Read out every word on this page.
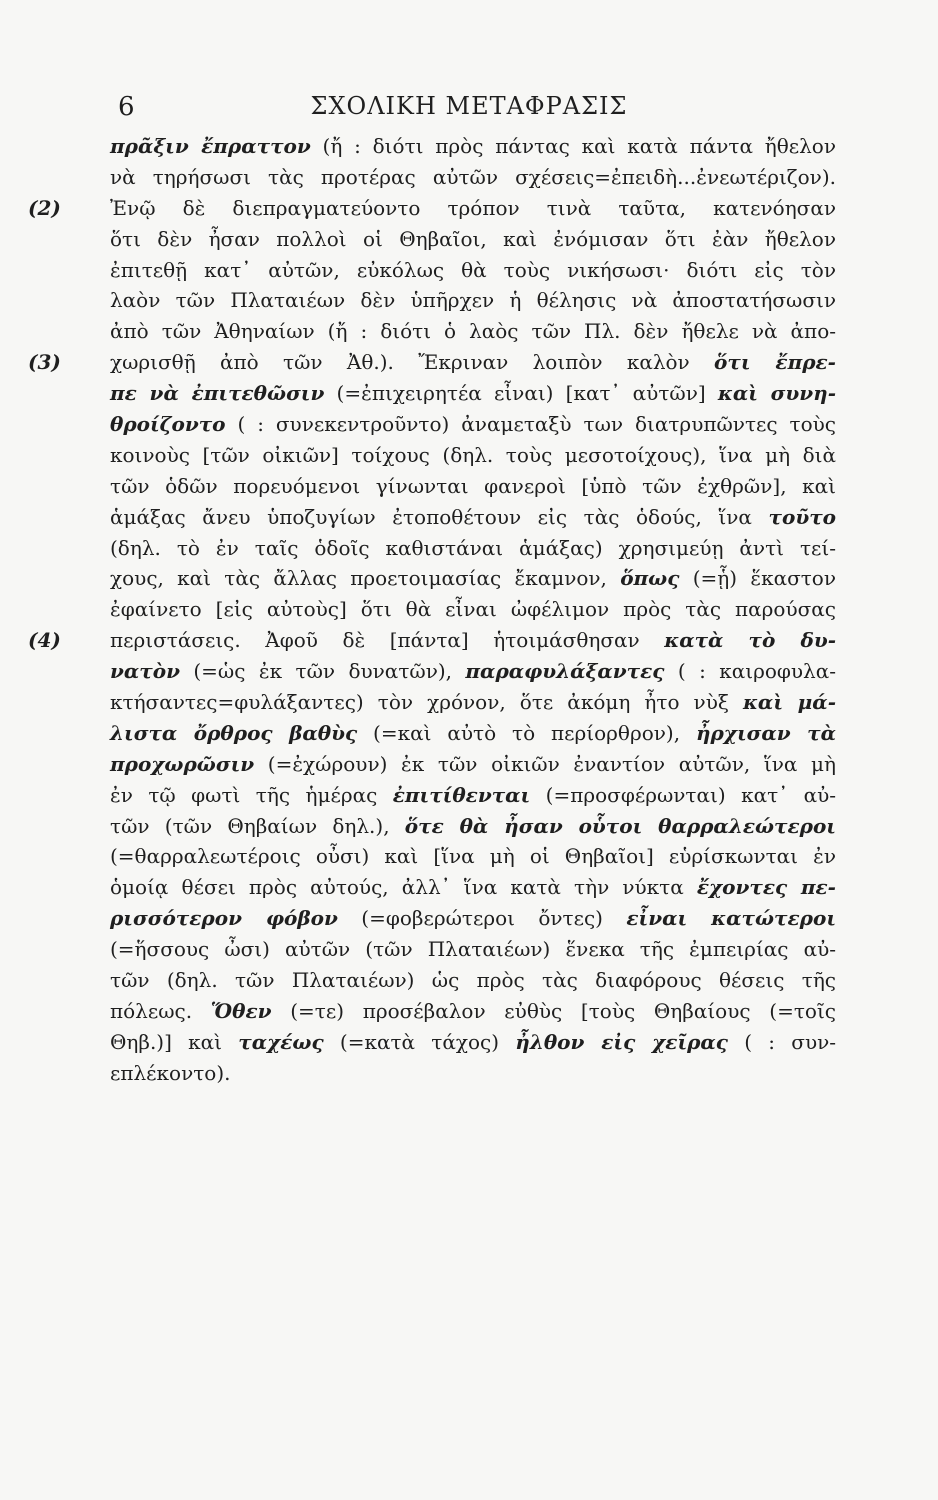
6	ΣΧΟΛΙΚΗ ΜΕΤΑΦΡΑΣΙΣ
πρᾶξιν ἔπραττον (ἤ : διότι πρὸς πάντας καὶ κατὰ πάντα ἤθελον
νὰ τηρήσωσι τὰς προτέρας αὐτῶν σχέσεις=ἐπειδὴ...ἐνεωτέριζον).
(2)	Ἐνῷ δὲ διεπραγματεύοντο τρόπον τινὰ ταῦτα, κατενόησαν
ὅτι δὲν ἦσαν πολλοὶ οἱ Θηβαῖοι, καὶ ἐνόμισαν ὅτι ἐὰν ἤθελον
ἐπιτεθῇ κατ᾽ αὐτῶν, εὐκόλως θὰ τοὺς νικήσωσι· διότι εἰς τὸν
λαὸν τῶν Πλαταιέων δὲν ὑπῆρχεν ἡ θέλησις νὰ ἀποστατήσωσιν
ἀπὸ τῶν Ἀθηναίων (ἤ : διότι ὁ λαὸς τῶν Πλ. δὲν ἤθελε νὰ ἀπο-
(3)	χωρισθῇ ἀπὸ τῶν Ἀθ.). Ἔκριναν λοιπὸν καλὸν ὅτι ἔπρε-
πε νὰ ἐπιτεθῶσιν (=ἐπιχειρητέα εἶναι) [κατ᾽ αὐτῶν] καὶ συνη-
θροίζοντο ( : συνεκεντροῦντο) ἀναμεταξὺ των διατρυπῶντες τοὺς
κοινοὺς [τῶν οἰκιῶν] τοίχους (δηλ. τοὺς μεσοτοίχους), ἵνα μὴ διὰ
τῶν ὁδῶν πορευόμενοι γίνωνται φανεροὶ [ὑπὸ τῶν ἐχθρῶν], καὶ
ἁμάξας ἄνευ ὑποζυγίων ἐτοποθέτουν εἰς τὰς ὁδούς, ἵνα τοῦτο
(δηλ. τὸ ἐν ταῖς ὁδοῖς καθιστάναι ἁμάξας) χρησιμεύῃ ἀντὶ τεί-
χους, καὶ τὰς ἄλλας προετοιμασίας ἔκαμνον, ὅπως (=ᾗ) ἕκαστον
ἐφαίνετο [εἰς αὐτοὺς] ὅτι θὰ εἶναι ὠφέλιμον πρὸς τὰς παρούσας
(4)	περιστάσεις. Ἀφοῦ δὲ [πάντα] ἡτοιμάσθησαν κατὰ τὸ δυ-
νατὸν (=ὡς ἐκ τῶν δυνατῶν), παραφυλάξαντες ( : καιροφυλα-
κτήσαντες=φυλάξαντες) τὸν χρόνον, ὅτε ἀκόμη ἦτο νὺξ καὶ μά-
λιστα ὄρθρος βαθὺς (=καὶ αὐτὸ τὸ περίορθρον), ἦρχισαν τὰ
προχωρῶσιν (=ἐχώρουν) ἐκ τῶν οἰκιῶν ἐναντίον αὐτῶν, ἵνα μὴ
ἐν τῷ φωτὶ τῆς ἡμέρας ἐπιτίθενται (=προσφέρωνται) κατ᾽ αὐ-
τῶν (τῶν Θηβαίων δηλ.), ὅτε θὰ ἦσαν οὗτοι θαρραλεώτεροι
(=θαρραλεωτέροις οὖσι) καὶ [ἵνα μὴ οἱ Θηβαῖοι] εὑρίσκωνται ἐν
ὁμοίᾳ θέσει πρὸς αὐτούς, ἀλλ᾽ ἵνα κατὰ τὴν νύκτα ἔχοντες πε-
ρισσότερον φόβον (=φοβερώτεροι ὄντες) εἶναι κατώτεροι
(=ἥσσους ὦσι) αὐτῶν (τῶν Πλαταιέων) ἕνεκα τῆς ἐμπειρίας αὐ-
τῶν (δηλ. τῶν Πλαταιέων) ὡς πρὸς τὰς διαφόρους θέσεις τῆς
πόλεως. Ὅθεν (=τε) προσέβαλον εὐθὺς [τοὺς Θηβαίους (=τοῖς
Θηβ.)] καὶ ταχέως (=κατὰ τάχος) ἦλθον εἰς χεῖρας ( : συν-
επλέκοντο).
